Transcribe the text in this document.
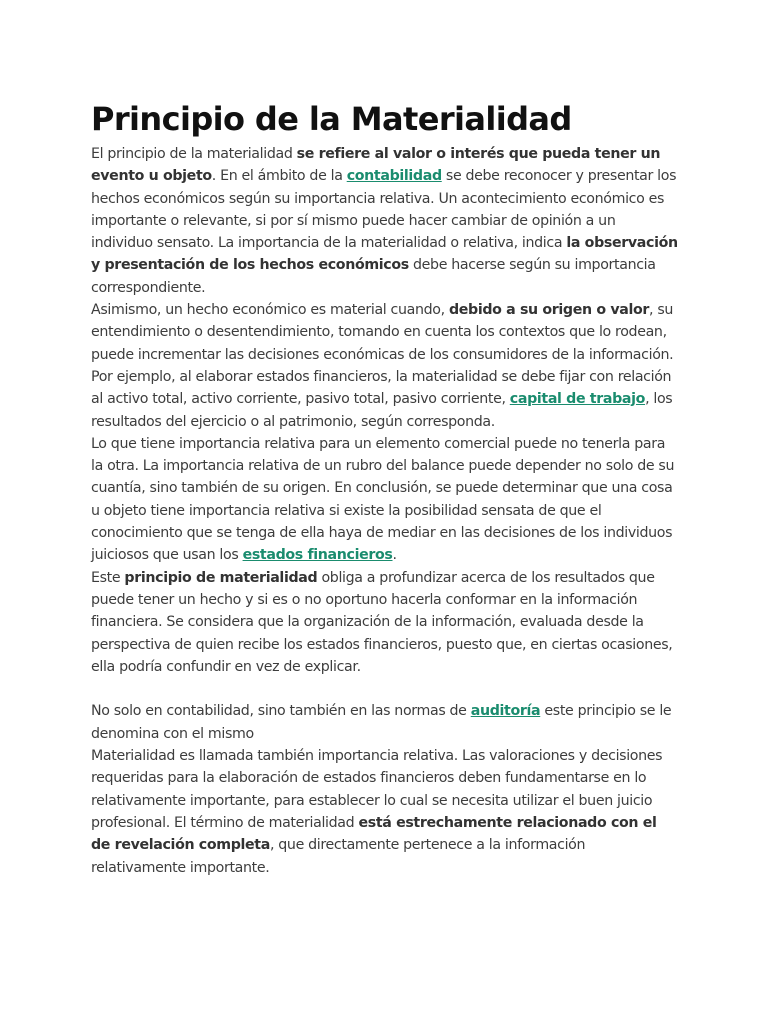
Principio de la Materialidad

El principio de la materialidad se refiere al valor o interés que pueda tener un evento u objeto. En el ámbito de la contabilidad se debe reconocer y presentar los hechos económicos según su importancia relativa. Un acontecimiento económico es importante o relevante, si por sí mismo puede hacer cambiar de opinión a un individuo sensato. La importancia de la materialidad o relativa, indica la observación y presentación de los hechos económicos debe hacerse según su importancia correspondiente.

Asimismo, un hecho económico es material cuando, debido a su origen o valor, su entendimiento o desentendimiento, tomando en cuenta los contextos que lo rodean, puede incrementar las decisiones económicas de los consumidores de la información. Por ejemplo, al elaborar estados financieros, la materialidad se debe fijar con relación al activo total, activo corriente, pasivo total, pasivo corriente, capital de trabajo, los resultados del ejercicio o al patrimonio, según corresponda.

Lo que tiene importancia relativa para un elemento comercial puede no tenerla para la otra. La importancia relativa de un rubro del balance puede depender no solo de su cuantía, sino también de su origen. En conclusión, se puede determinar que una cosa u objeto tiene importancia relativa si existe la posibilidad sensata de que el conocimiento que se tenga de ella haya de mediar en las decisiones de los individuos juiciosos que usan los estados financieros.

Este principio de materialidad obliga a profundizar acerca de los resultados que puede tener un hecho y si es o no oportuno hacerla conformar en la información financiera. Se considera que la organización de la información, evaluada desde la perspectiva de quien recibe los estados financieros, puesto que, en ciertas ocasiones, ella podría confundir en vez de explicar.

No solo en contabilidad, sino también en las normas de auditoría este principio se le denomina con el mismo

Materialidad es llamada también importancia relativa. Las valoraciones y decisiones requeridas para la elaboración de estados financieros deben fundamentarse en lo relativamente importante, para establecer lo cual se necesita utilizar el buen juicio profesional. El término de materialidad está estrechamente relacionado con el de revelación completa, que directamente pertenece a la información relativamente importante.
